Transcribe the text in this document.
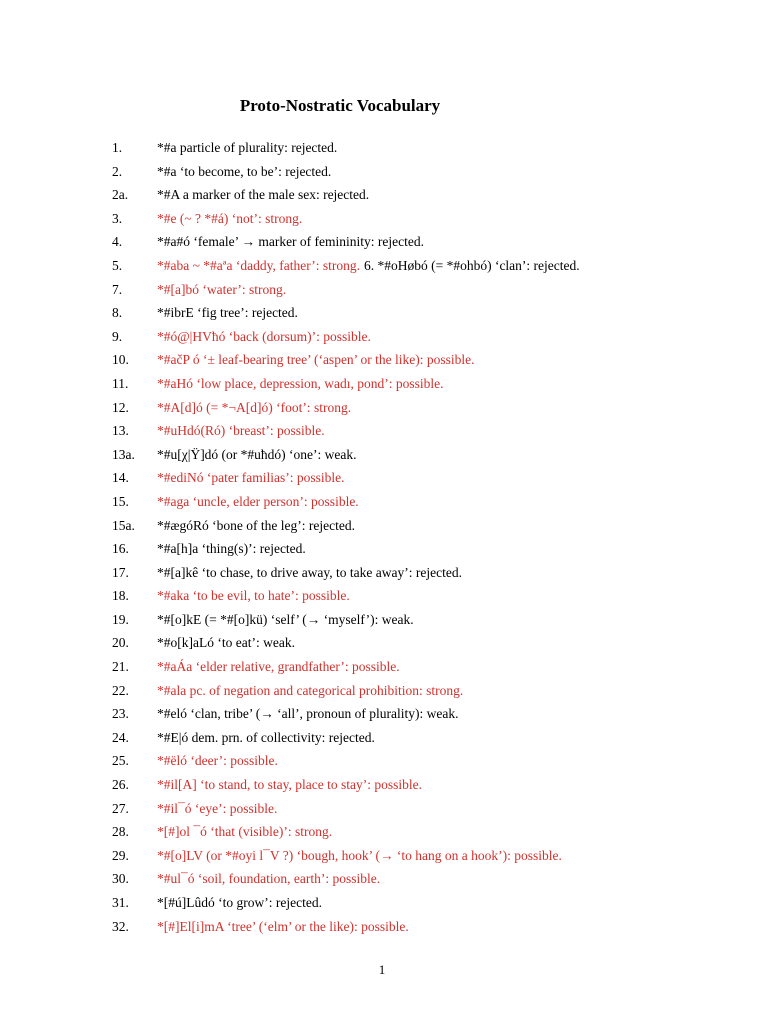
Proto-Nostratic Vocabulary
1.	*#a particle of plurality: rejected.
2.	*#a ‘to become, to be’: rejected.
2a. *#A a marker of the male sex: rejected.
3.	*#e (~ ? *#á) ‘not’: strong.
4.	*#a#ó ‘female’ → marker of femininity: rejected.
5.	*#aba ~ *#aªa ‘daddy, father’: strong. 6. *#oHøbó (= *#ohbó) ‘clan’: rejected.
7.	*#[a]bó ‘water’: strong.
8.	*#ibrE ‘fig tree’: rejected.
9.	*#ó@|HVħó ‘back (dorsum)’: possible.
10. *#ačP ó ‘± leaf-bearing tree’ (‘aspen’ or the like): possible.
11. *#aHó ‘low place, depression, wadı, pond’: possible.
12. *#A[d]ó (= *¬A[d]ó) ‘foot’: strong.
13. *#uHdó(Ró) ‘breast’: possible.
13a. *#u[χ|Ÿ]dó (or *#uħdó) ‘one’: weak.
14. *#ediNó ‘pater familias’: possible.
15. *#aga ‘uncle, elder person’: possible.
15a. *#ægóRó ‘bone of the leg’: rejected.
16. *#a[h]a ‘thing(s)’: rejected.
17. *#[a]kê ‘to chase, to drive away, to take away’: rejected.
18. *#aka ‘to be evil, to hate’: possible.
19. *#[o]kE (= *#[o]kü) ‘self’ (→ ‘myself’): weak.
20. *#o[k]aLó ‘to eat’: weak.
21. *#aÁa ‘elder relative, grandfather’: possible.
22. *#ala pc. of negation and categorical prohibition: strong.
23. *#eló ‘clan, tribe’ (→ ‘all’, pronoun of plurality): weak.
24. *#E|ó dem. prn. of collectivity: rejected.
25. *#ëló ‘deer’: possible.
26. *#il[A] ‘to stand, to stay, place to stay’: possible.
27. *#il¯ó ‘eye’: possible.
28. *[#]ol ¯ó ‘that (visible)’: strong.
29. *#[o]LV (or *#oyi l¯V ?) ‘bough, hook’ (→ ‘to hang on a hook’): possible.
30. *#ul¯ó ‘soil, foundation, earth’: possible.
31. *[#ú]Lûdó ‘to grow’: rejected.
32. *[#]El[i]mA ‘tree’ (‘elm’ or the like): possible.
1
